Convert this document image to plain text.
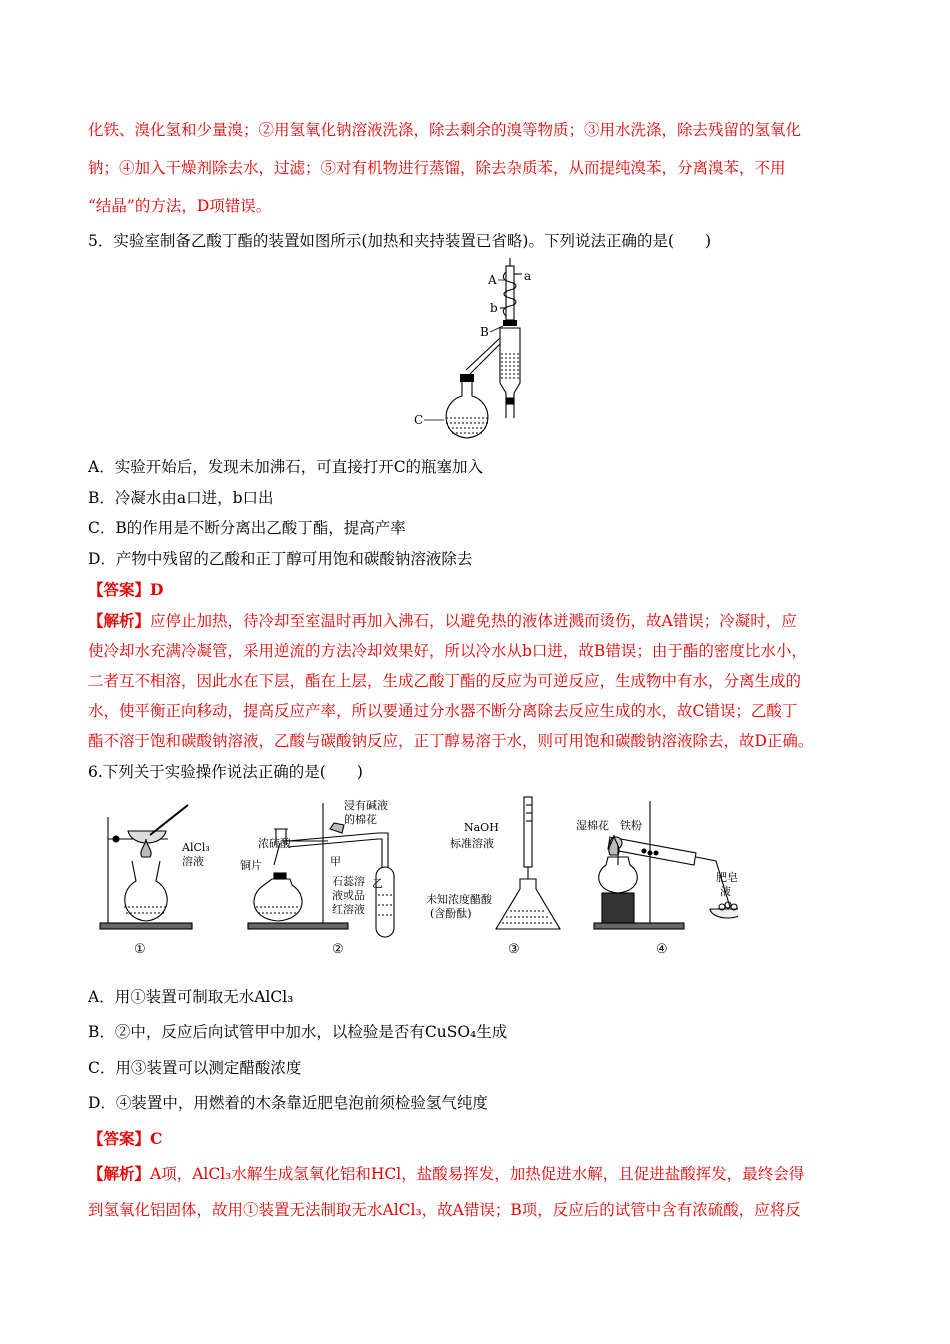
化铁、溴化氢和少量溴；②用氢氧化钠溶液洗涤，除去剩余的溴等物质；③用水洗涤，除去残留的氢氧化
钠；④加入干燥剂除去水，过滤；⑤对有机物进行蒸馏，除去杂质苯，从而提纯溴苯，分离溴苯，不用
“结晶”的方法，D项错误。
5．实验室制备乙酸丁酯的装置如图所示(加热和夹持装置已省略)。下列说法正确的是(　　)
A a
b
B
C
A．实验开始后，发现未加沸石，可直接打开C的瓶塞加入
B．冷凝水由a口进，b口出
C．B的作用是不断分离出乙酸丁酯，提高产率
D．产物中残留的乙酸和正丁醇可用饱和碳酸钠溶液除去
【答案】D
【解析】应停止加热，待冷却至室温时再加入沸石，以避免热的液体迸溅而烫伤，故A错误；冷凝时，应
使冷却水充满冷凝管，采用逆流的方法冷却效果好，所以冷水从b口进，故B错误；由于酯的密度比水小，
二者互不相溶，因此水在下层，酯在上层，生成乙酸丁酯的反应为可逆反应，生成物中有水，分离生成的
水，使平衡正向移动，提高反应产率，所以要通过分水器不断分离除去反应生成的水，故C错误；乙酸丁
酯不溶于饱和碳酸钠溶液，乙酸与碳酸钠反应，正丁醇易溶于水，则可用饱和碳酸钠溶液除去，故D正确。
6.下列关于实验操作说法正确的是(　　)
AlCl₃
溶液
浸有碱液
的棉花
浓硫酸
铜片	甲
石蕊溶
液或品
红溶液
乙
NaOH
标准溶液
未知浓度醋酸
(含酚酞)
湿棉花 铁粉
肥皂
液
①	②	③	④
A．用①装置可制取无水AlCl₃
B．②中，反应后向试管甲中加水，以检验是否有CuSO₄生成
C．用③装置可以测定醋酸浓度
D．④装置中，用燃着的木条靠近肥皂泡前须检验氢气纯度
【答案】C
【解析】A项，AlCl₃水解生成氢氧化铝和HCl，盐酸易挥发，加热促进水解，且促进盐酸挥发，最终会得
到氢氧化铝固体，故用①装置无法制取无水AlCl₃，故A错误；B项，反应后的试管中含有浓硫酸，应将反
